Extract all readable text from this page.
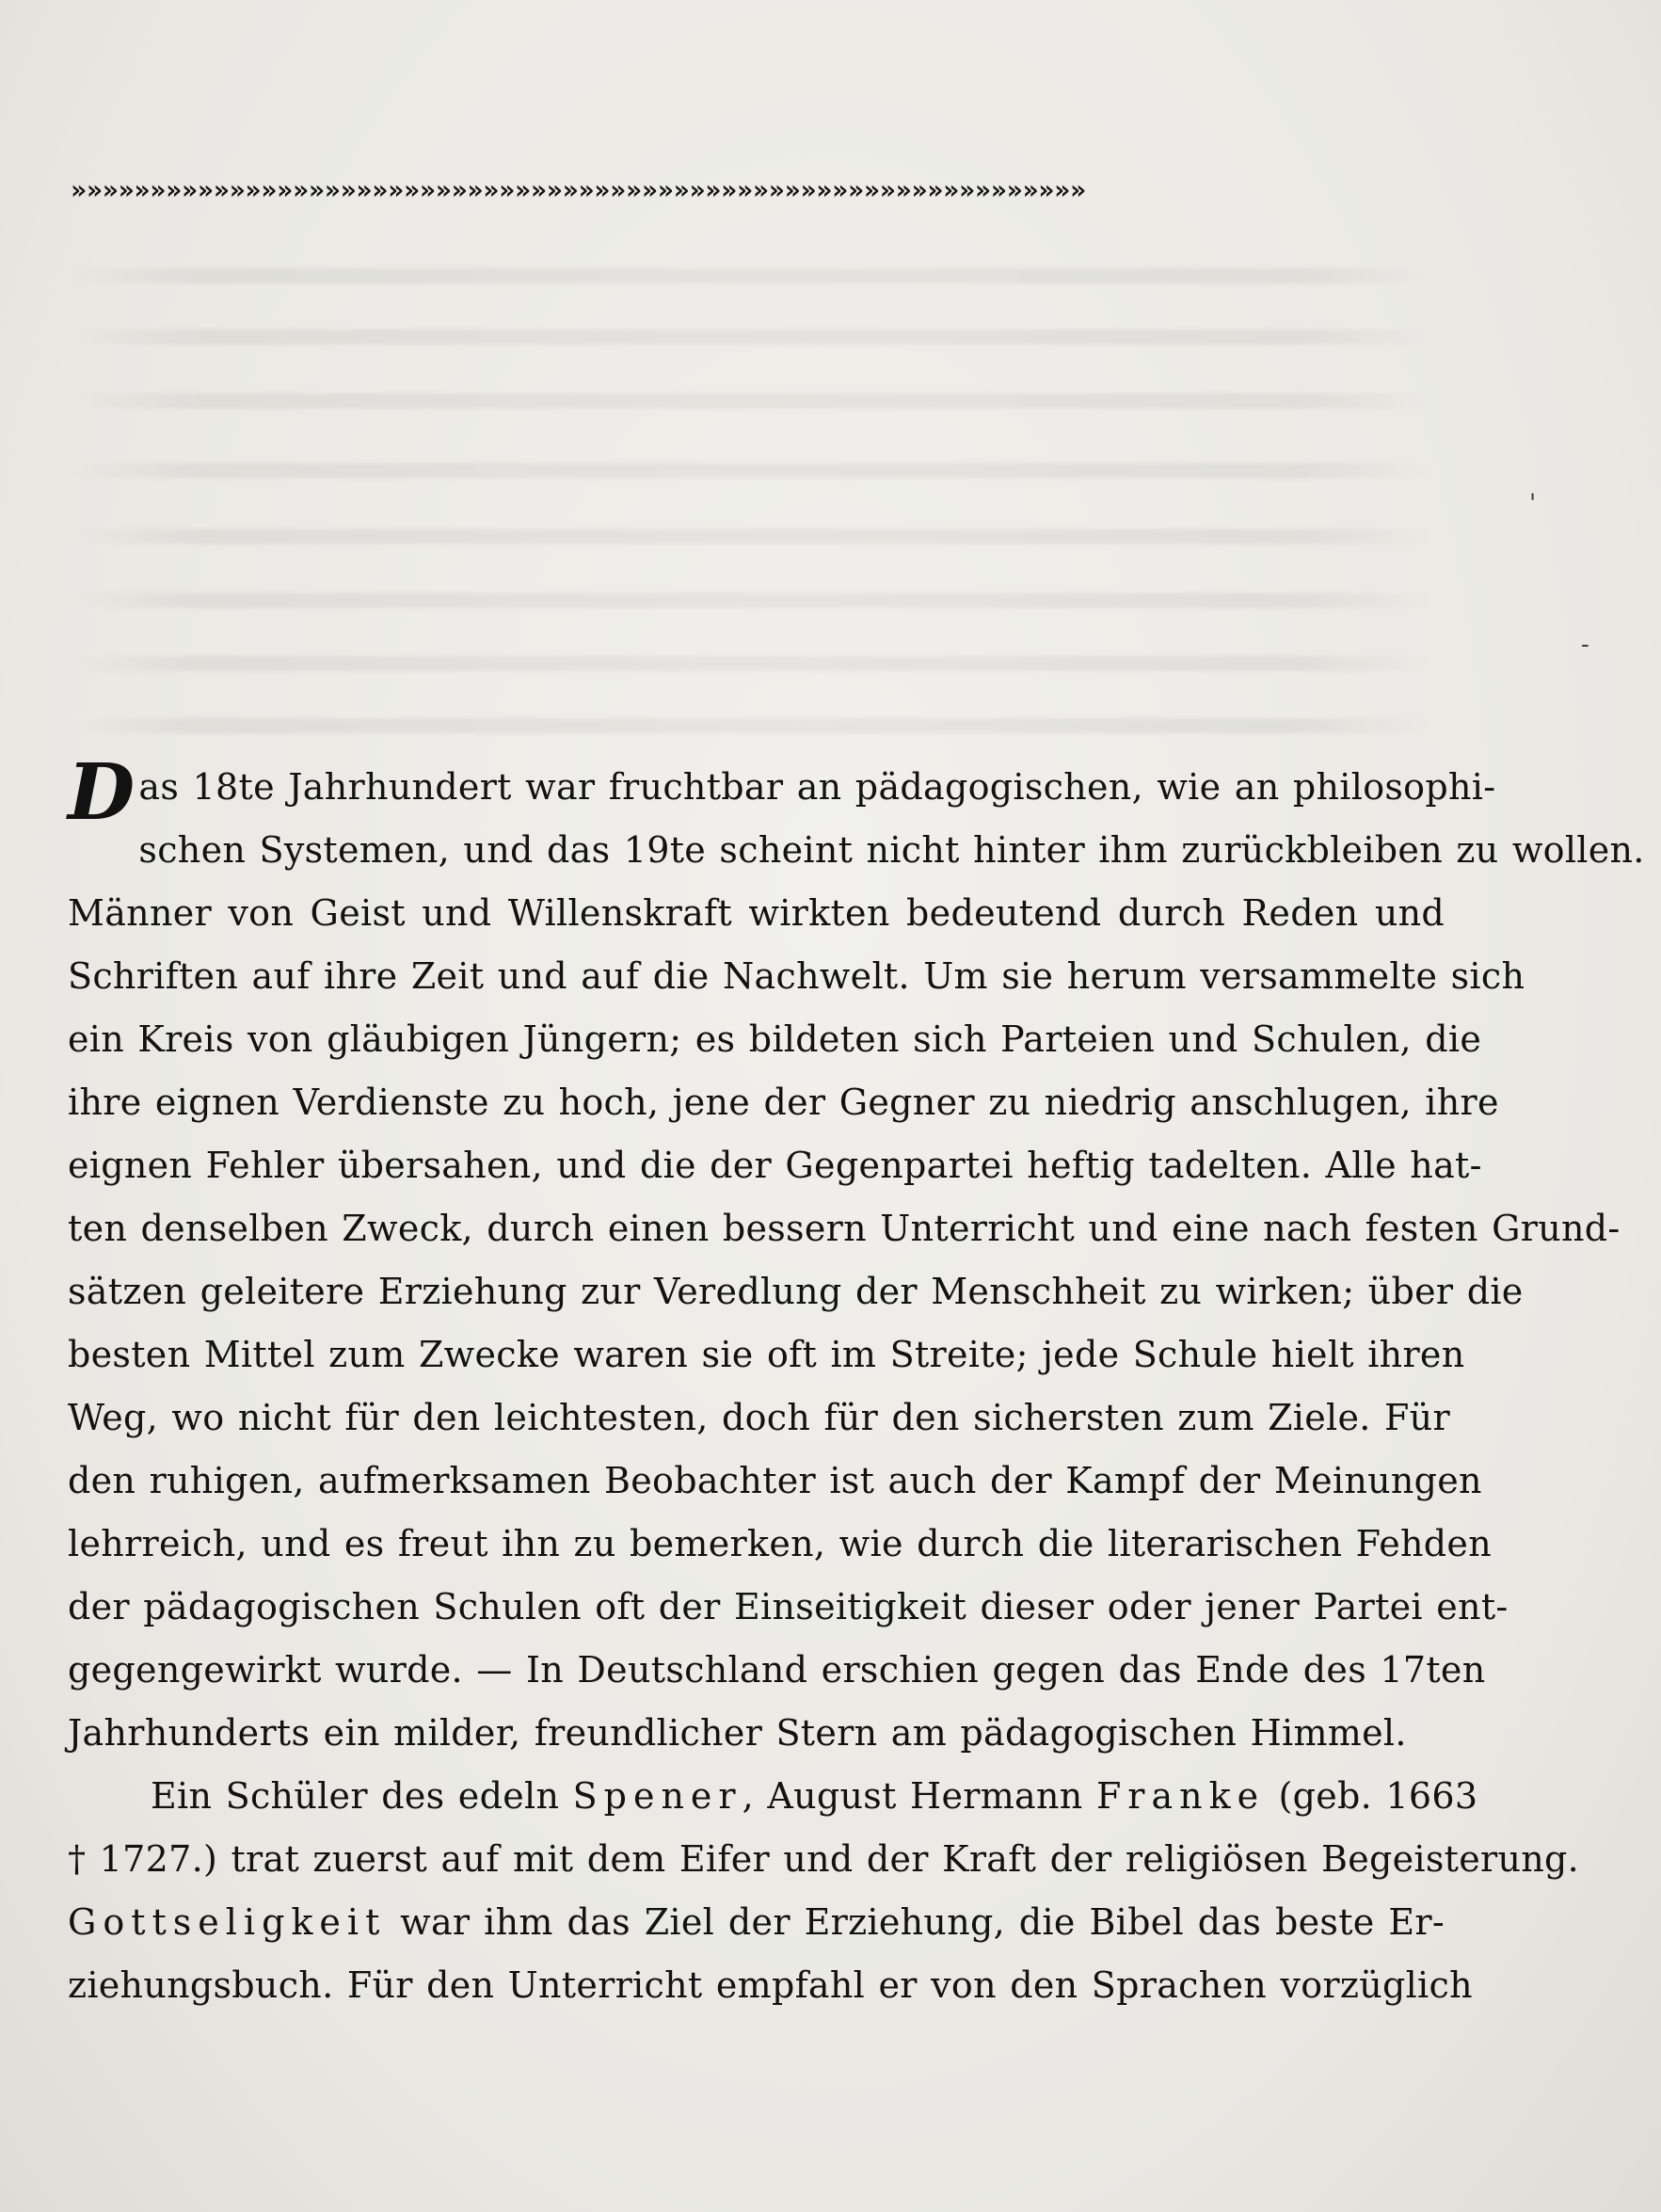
»»»»»»»»»»»»»»»»»»»»»»»»»»»»»»»»»»»»»»»»»»»»»»»»»»»»»»»»»»»»»»»»
'
-
Das 18te Jahrhundert war fruchtbar an pädagogischen, wie an philosophi-
schen Systemen, und das 19te scheint nicht hinter ihm zurückbleiben zu wollen.
Männer von Geist und Willenskraft wirkten bedeutend durch Reden und
Schriften auf ihre Zeit und auf die Nachwelt. Um sie herum versammelte sich
ein Kreis von gläubigen Jüngern; es bildeten sich Parteien und Schulen, die
ihre eignen Verdienste zu hoch, jene der Gegner zu niedrig anschlugen, ihre
eignen Fehler übersahen, und die der Gegenpartei heftig tadelten. Alle hat-
ten denselben Zweck, durch einen bessern Unterricht und eine nach festen Grund-
sätzen geleitere Erziehung zur Veredlung der Menschheit zu wirken; über die
besten Mittel zum Zwecke waren sie oft im Streite; jede Schule hielt ihren
Weg, wo nicht für den leichtesten, doch für den sichersten zum Ziele. Für
den ruhigen, aufmerksamen Beobachter ist auch der Kampf der Meinungen
lehrreich, und es freut ihn zu bemerken, wie durch die literarischen Fehden
der pädagogischen Schulen oft der Einseitigkeit dieser oder jener Partei ent-
gegengewirkt wurde. — In Deutschland erschien gegen das Ende des 17ten
Jahrhunderts ein milder, freundlicher Stern am pädagogischen Himmel.
Ein Schüler des edeln Spener, August Hermann Franke (geb. 1663
† 1727.) trat zuerst auf mit dem Eifer und der Kraft der religiösen Begeisterung.
Gottseligkeit war ihm das Ziel der Erziehung, die Bibel das beste Er-
ziehungsbuch. Für den Unterricht empfahl er von den Sprachen vorzüglich
